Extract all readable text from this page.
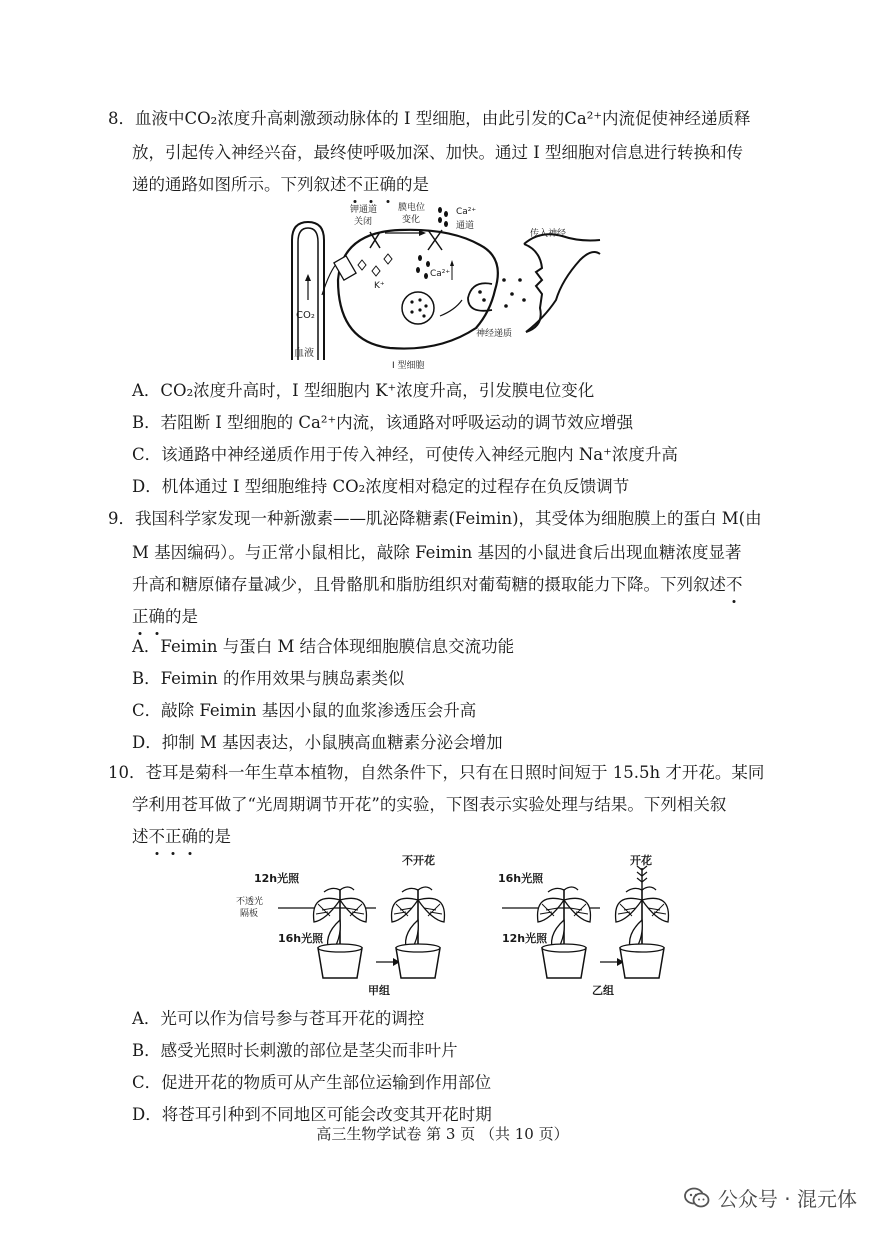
8．血液中CO₂浓度升高刺激颈动脉体的 I 型细胞，由此引发的Ca²⁺内流促使神经递质释
放，引起传入神经兴奋，最终使呼吸加深、加快。通过 I 型细胞对信息进行转换和传
递的通路如图所示。下列叙述不正确的是
CO₂
血液
钾通道
关闭
膜电位
变化
Ca²⁺
通道
K⁺
Ca²⁺
神经递质
传入神经
I 型细胞
A．CO₂浓度升高时，I 型细胞内 K⁺浓度升高，引发膜电位变化
B．若阻断 I 型细胞的 Ca²⁺内流，该通路对呼吸运动的调节效应增强
C．该通路中神经递质作用于传入神经，可使传入神经元胞内 Na⁺浓度升高
D．机体通过 I 型细胞维持 CO₂浓度相对稳定的过程存在负反馈调节
9．我国科学家发现一种新激素——肌泌降糖素(Feimin)，其受体为细胞膜上的蛋白 M(由
M 基因编码）。与正常小鼠相比，敲除 Feimin 基因的小鼠进食后出现血糖浓度显著
升高和糖原储存量减少，且骨骼肌和脂肪组织对葡萄糖的摄取能力下降。下列叙述不
正确的是
A．Feimin 与蛋白 M 结合体现细胞膜信息交流功能
B．Feimin 的作用效果与胰岛素类似
C．敲除 Feimin 基因小鼠的血浆渗透压会升高
D．抑制 M 基因表达，小鼠胰高血糖素分泌会增加
10．苍耳是菊科一年生草本植物，自然条件下，只有在日照时间短于 15.5h 才开花。某同
学利用苍耳做了“光周期调节开花”的实验，下图表示实验处理与结果。下列相关叙
述不正确的是
12h光照
不透光
隔板
16h光照
不开花
甲组
16h光照
12h光照
开花
乙组
A．光可以作为信号参与苍耳开花的调控
B．感受光照时长刺激的部位是茎尖而非叶片
C．促进开花的物质可从产生部位运输到作用部位
D．将苍耳引种到不同地区可能会改变其开花时期
高三生物学试卷 第 3 页 （共 10 页）
公众号 · 混元体
